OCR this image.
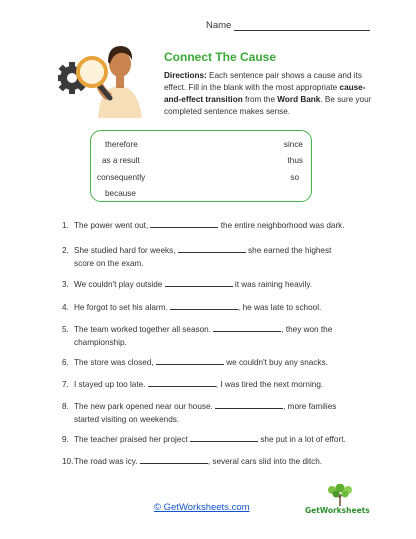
Name
Connect The Cause
Directions: Each sentence pair shows a cause and its effect. Fill in the blank with the most appropriate cause-and-effect transition from the Word Bank. Be sure your completed sentence makes sense.
therefore	since
as a result	thus
consequently	so
because
1. The power went out,	the entire neighborhood was dark.
2. She studied hard for weeks,	she earned the highest
score on the exam.
3. We couldn't play outside	it was raining heavily.
4. He forgot to set his alarm.	, he was late to school.
5. The team worked together all season.	, they won the
championship.
6. The store was closed,	we couldn't buy any snacks.
7. I stayed up too late.	, I was tired the next morning.
8. The new park opened near our house.	, more families
started visiting on weekends.
9. The teacher praised her project	she put in a lot of effort.
10.The road was icy.	, several cars slid into the ditch.
© GetWorksheets.com	GetWorksheets
